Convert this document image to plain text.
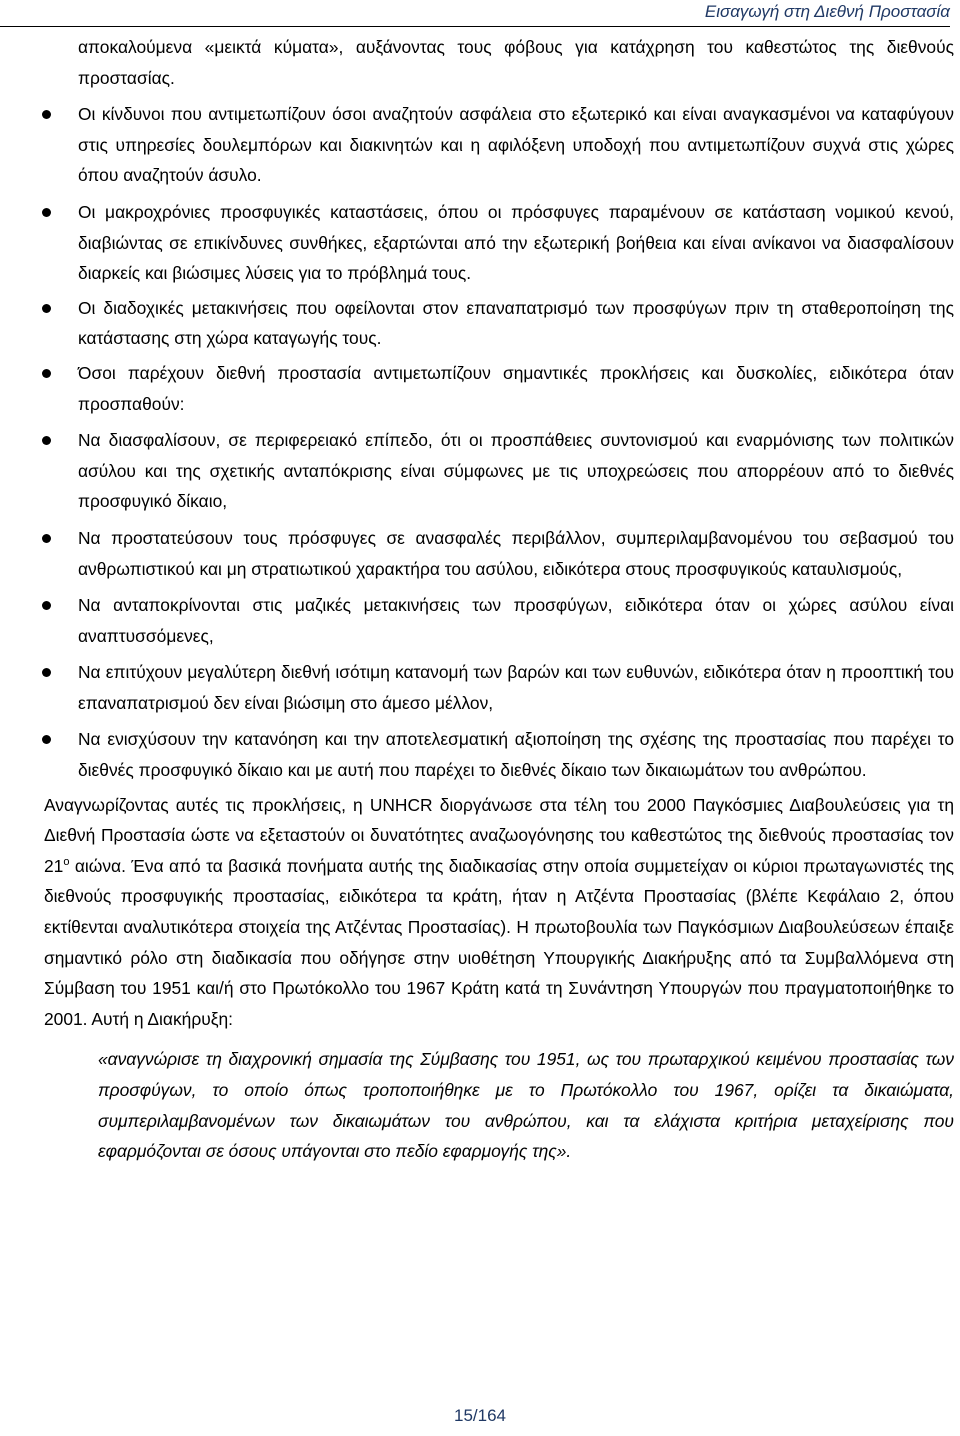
Εισαγωγή στη Διεθνή Προστασία
αποκαλούμενα «μεικτά κύματα», αυξάνοντας τους φόβους για κατάχρηση του καθεστώτος της διεθνούς προστασίας.
Οι κίνδυνοι που αντιμετωπίζουν όσοι αναζητούν ασφάλεια στο εξωτερικό και είναι αναγκασμένοι να καταφύγουν στις υπηρεσίες δουλεμπόρων και διακινητών και η αφιλόξενη υποδοχή που αντιμετωπίζουν συχνά στις χώρες όπου αναζητούν άσυλο.
Οι μακροχρόνιες προσφυγικές καταστάσεις, όπου οι πρόσφυγες παραμένουν σε κατάσταση νομικού κενού, διαβιώντας σε επικίνδυνες συνθήκες, εξαρτώνται από την εξωτερική βοήθεια και είναι ανίκανοι να διασφαλίσουν διαρκείς και βιώσιμες λύσεις για το πρόβλημά τους.
Οι διαδοχικές μετακινήσεις που οφείλονται στον επαναπατρισμό των προσφύγων πριν τη σταθεροποίηση της κατάστασης στη χώρα καταγωγής τους.
Όσοι παρέχουν διεθνή προστασία αντιμετωπίζουν σημαντικές προκλήσεις και δυσκολίες, ειδικότερα όταν προσπαθούν:
Να διασφαλίσουν, σε περιφερειακό επίπεδο, ότι οι προσπάθειες συντονισμού και εναρμόνισης των πολιτικών ασύλου και της σχετικής ανταπόκρισης είναι σύμφωνες με τις υποχρεώσεις που απορρέουν από το διεθνές προσφυγικό δίκαιο,
Να προστατεύσουν τους πρόσφυγες σε ανασφαλές περιβάλλον, συμπεριλαμβανομένου του σεβασμού του ανθρωπιστικού και μη στρατιωτικού χαρακτήρα του ασύλου, ειδικότερα στους προσφυγικούς καταυλισμούς,
Να ανταποκρίνονται στις μαζικές μετακινήσεις των προσφύγων, ειδικότερα όταν οι χώρες ασύλου είναι αναπτυσσόμενες,
Να επιτύχουν μεγαλύτερη διεθνή ισότιμη κατανομή των βαρών και των ευθυνών, ειδικότερα όταν η προοπτική του επαναπατρισμού δεν είναι βιώσιμη στο άμεσο μέλλον,
Να ενισχύσουν την κατανόηση και την αποτελεσματική αξιοποίηση της σχέσης της προστασίας που παρέχει το διεθνές προσφυγικό δίκαιο και με αυτή που παρέχει το διεθνές δίκαιο των δικαιωμάτων του ανθρώπου.
Αναγνωρίζοντας αυτές τις προκλήσεις, η UNHCR διοργάνωσε στα τέλη του 2000 Παγκόσμιες Διαβουλεύσεις για τη Διεθνή Προστασία ώστε να εξεταστούν οι δυνατότητες αναζωογόνησης του καθεστώτος της διεθνούς προστασίας τον $21^o$ αιώνα. Ένα από τα βασικά πονήματα αυτής της διαδικασίας στην οποία συμμετείχαν οι κύριοι πρωταγωνιστές της διεθνούς προσφυγικής προστασίας, ειδικότερα τα κράτη, ήταν η Ατζέντα Προστασίας (βλέπε Κεφάλαιο 2, όπου εκτίθενται αναλυτικότερα στοιχεία της Ατζέντας Προστασίας). Η πρωτοβουλία των Παγκόσμιων Διαβουλεύσεων έπαιξε σημαντικό ρόλο στη διαδικασία που οδήγησε στην υιοθέτηση Υπουργικής Διακήρυξης από τα Συμβαλλόμενα στη Σύμβαση του 1951 και/ή στο Πρωτόκολλο του 1967 Κράτη κατά τη Συνάντηση Υπουργών που πραγματοποιήθηκε το 2001. Αυτή η Διακήρυξη:
«αναγνώρισε τη διαχρονική σημασία της Σύμβασης του 1951, ως του πρωταρχικού κειμένου προστασίας των προσφύγων, το οποίο όπως τροποποιήθηκε με το Πρωτόκολλο του 1967, ορίζει τα δικαιώματα, συμπεριλαμβανομένων των δικαιωμάτων του ανθρώπου, και τα ελάχιστα κριτήρια μεταχείρισης που εφαρμόζονται σε όσους υπάγονται στο πεδίο εφαρμογής της».
15/164
